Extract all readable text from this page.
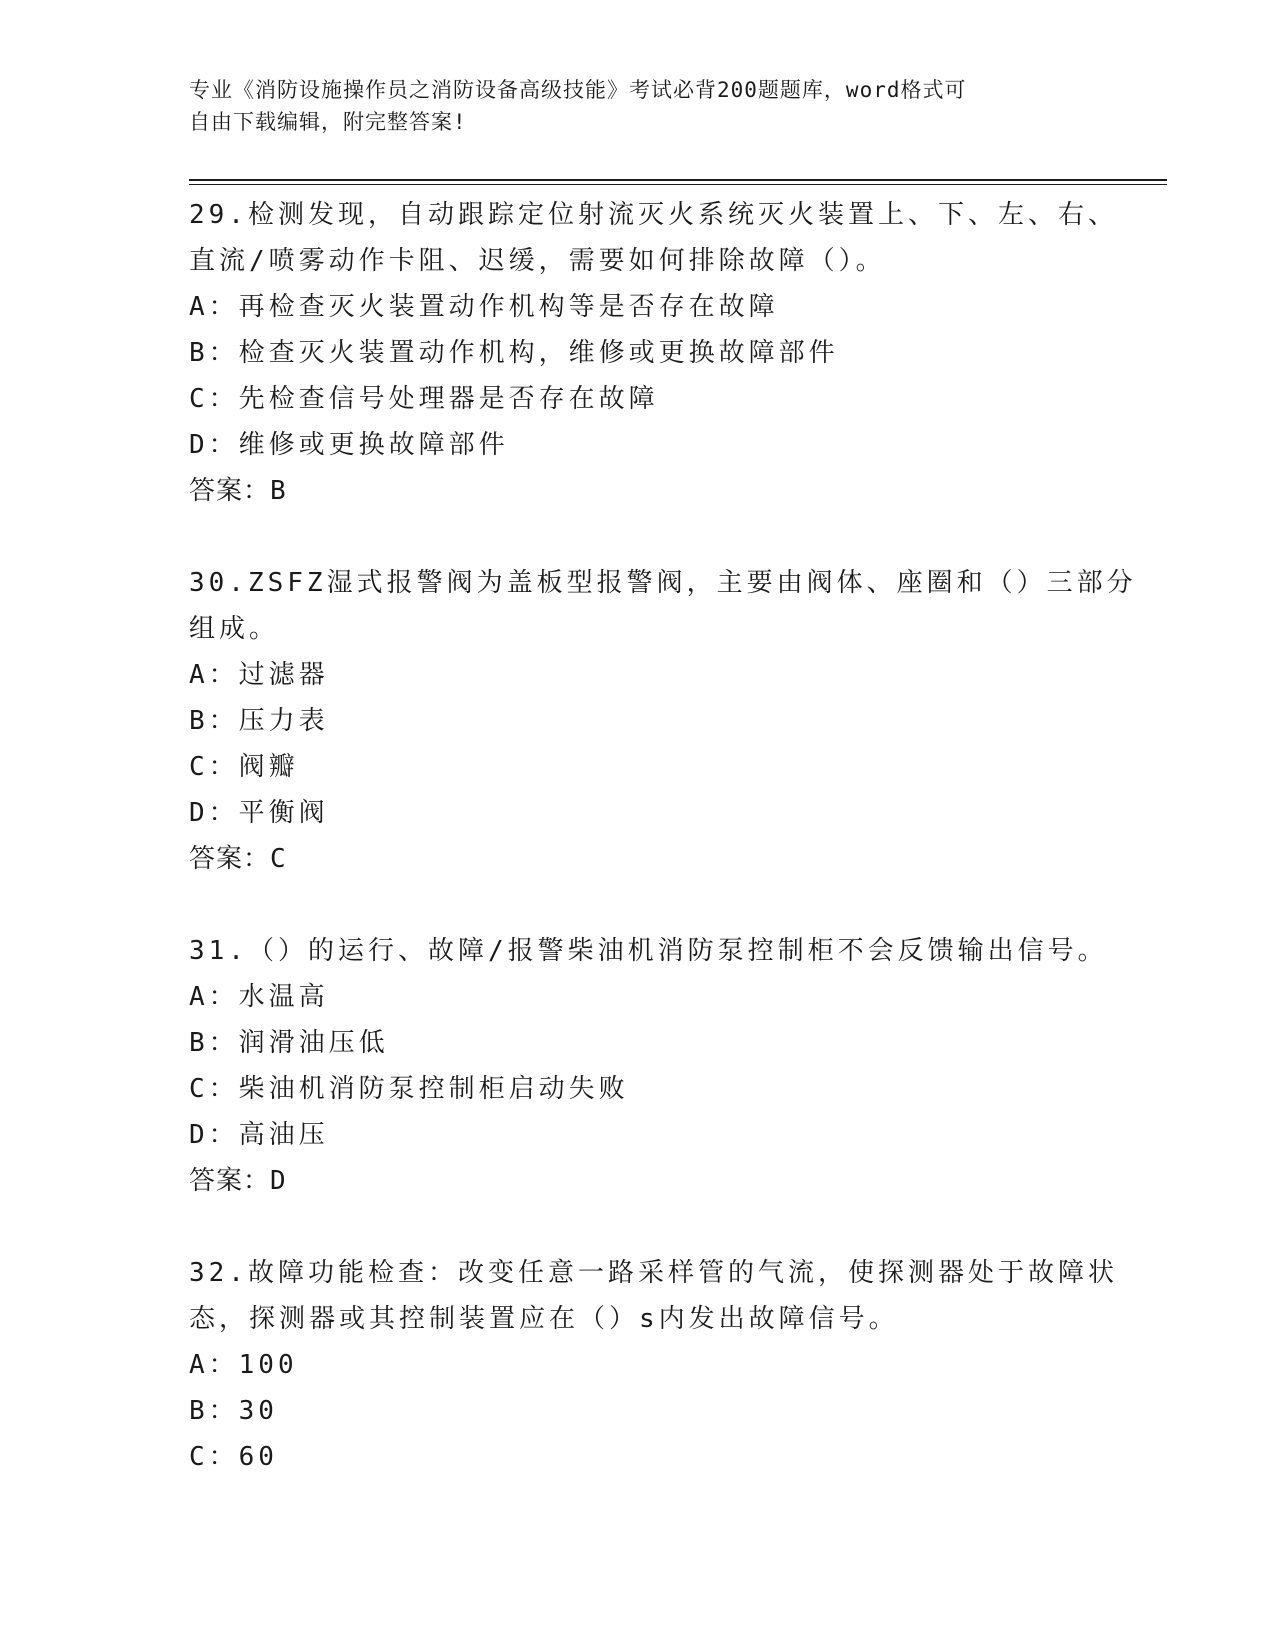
专业《消防设施操作员之消防设备高级技能》考试必背200题题库，word格式可
自由下载编辑，附完整答案!
29.检测发现，自动跟踪定位射流灭火系统灭火装置上、下、左、右、
直流/喷雾动作卡阻、迟缓，需要如何排除故障（）。
A：再检查灭火装置动作机构等是否存在故障
B：检查灭火装置动作机构，维修或更换故障部件
C：先检查信号处理器是否存在故障
D：维修或更换故障部件
答案：B
30.ZSFZ湿式报警阀为盖板型报警阀，主要由阀体、座圈和（）三部分
组成。
A：过滤器
B：压力表
C：阀瓣
D：平衡阀
答案：C
31.（）的运行、故障/报警柴油机消防泵控制柜不会反馈输出信号。
A：水温高
B：润滑油压低
C：柴油机消防泵控制柜启动失败
D：高油压
答案：D
32.故障功能检查：改变任意一路采样管的气流，使探测器处于故障状
态，探测器或其控制装置应在（）s内发出故障信号。
A：100
B：30
C：60
